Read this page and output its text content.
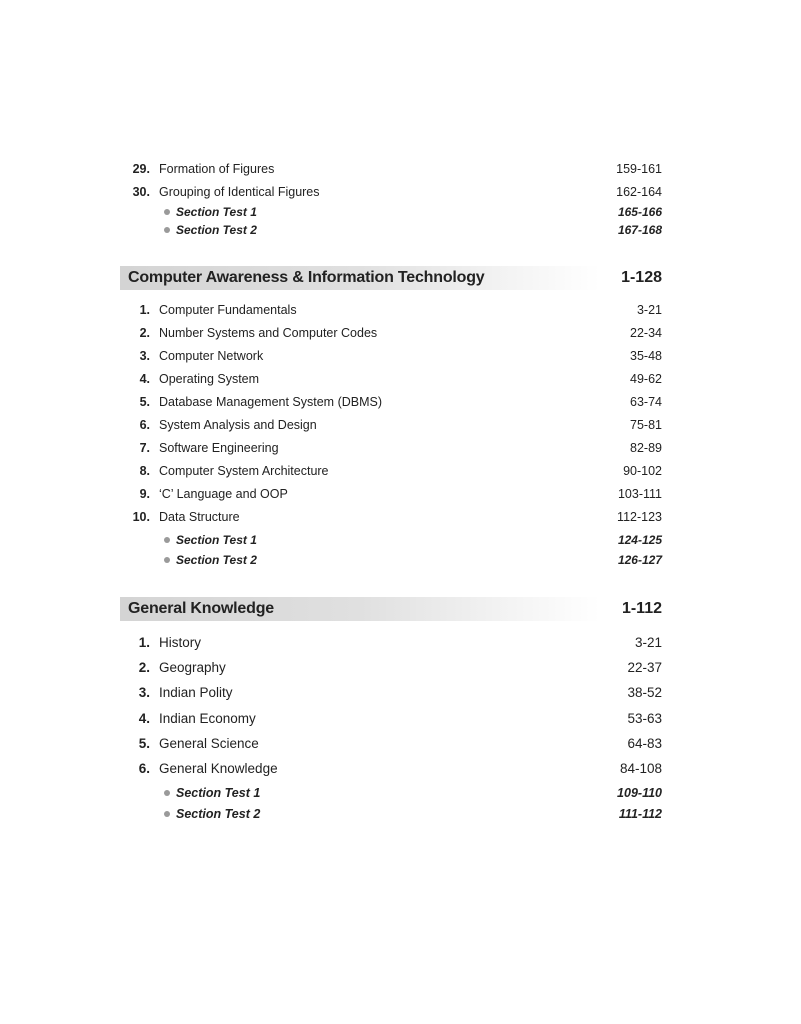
29. Formation of Figures	159-161
30. Grouping of Identical Figures	162-164
Section Test 1	165-166
Section Test 2	167-168
Computer Awareness & Information Technology	1-128
1. Computer Fundamentals	3-21
2. Number Systems and Computer Codes	22-34
3. Computer Network	35-48
4. Operating System	49-62
5. Database Management System (DBMS)	63-74
6. System Analysis and Design	75-81
7. Software Engineering	82-89
8. Computer System Architecture	90-102
9. ‘C’ Language and OOP	103-111
10. Data Structure	112-123
Section Test 1	124-125
Section Test 2	126-127
General Knowledge	1-112
1. History	3-21
2. Geography	22-37
3. Indian Polity	38-52
4. Indian Economy	53-63
5. General Science	64-83
6. General Knowledge	84-108
Section Test 1	109-110
Section Test 2	111-112
